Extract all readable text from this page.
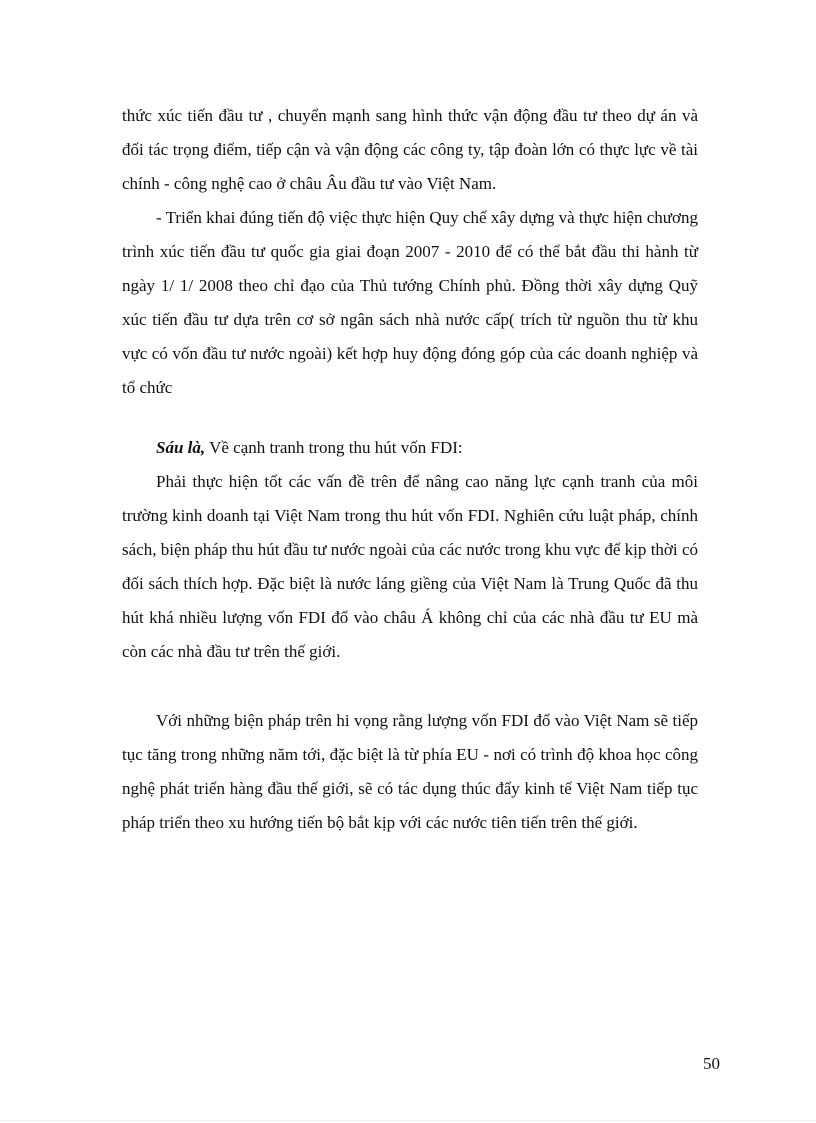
thức xúc tiến đầu tư , chuyển mạnh sang hình thức vận động đầu tư theo dự án và đối tác trọng điểm, tiếp cận và vận động các công ty, tập đoàn lớn có thực lực về tài chính - công nghệ cao ở châu Âu đầu tư vào Việt Nam.

- Triển khai đúng tiến độ việc thực hiện Quy chế xây dựng và thực hiện chương trình xúc tiến đầu tư quốc gia giai đoạn 2007 - 2010 để có thể bắt đầu thi hành từ ngày 1/ 1/ 2008 theo chỉ đạo của Thủ tướng Chính phủ. Đồng thời xây dựng Quỹ xúc tiến đầu tư dựa trên cơ sở ngân sách nhà nước cấp( trích từ nguồn thu từ khu vực có vốn đầu tư nước ngoài) kết hợp huy động đóng góp của các doanh nghiệp và tổ chức

Sáu là, Về cạnh tranh trong thu hút vốn FDI:

Phải thực hiện tốt các vấn đề trên để nâng cao năng lực cạnh tranh của môi trường kinh doanh tại Việt Nam trong thu hút vốn FDI. Nghiên cứu luật pháp, chính sách, biện pháp thu hút đầu tư nước ngoài của các nước trong khu vực để kịp thời có đối sách thích hợp. Đặc biệt là nước láng giềng của Việt Nam là Trung Quốc đã thu hút khá nhiều lượng vốn FDI đổ vào châu Á không chỉ của các nhà đầu tư EU mà còn các nhà đầu tư trên thế giới.

Với những biện pháp trên hi vọng rằng lượng vốn FDI đổ vào Việt Nam sẽ tiếp tục tăng trong những năm tới, đặc biệt là từ phía EU - nơi có trình độ khoa học công nghệ phát triển hàng đầu thế giới, sẽ có tác dụng thúc đẩy kinh tế Việt Nam tiếp tục pháp triển theo xu hướng tiến bộ bắt kịp với các nước tiên tiến trên thế giới.

50
